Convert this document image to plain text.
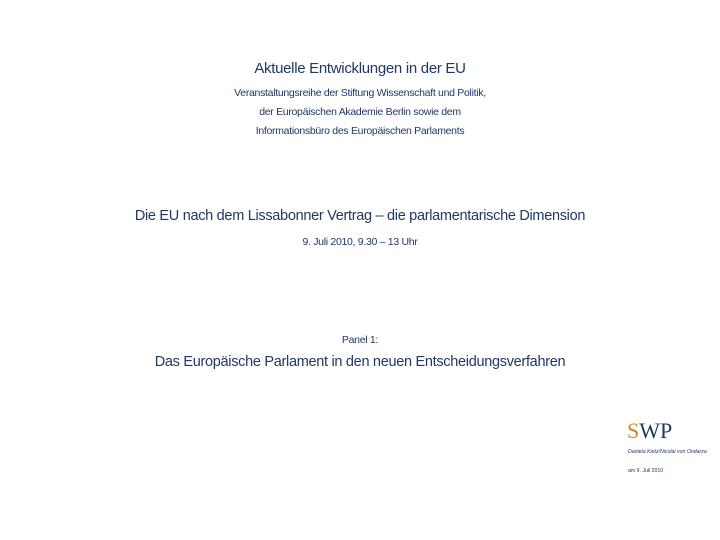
Aktuelle Entwicklungen in der EU
Veranstaltungsreihe der Stiftung Wissenschaft und Politik,
der Europäischen Akademie Berlin sowie dem
Informationsbüro des Europäischen Parlaments
Die EU nach dem Lissabonner Vertrag – die parlamentarische Dimension
9. Juli 2010, 9.30 – 13 Uhr
Panel 1:
Das Europäische Parlament in den neuen Entscheidungsverfahren
SWP
Daniela Kietz/Nicolai von Ondarza
am 9. Juli 2010
